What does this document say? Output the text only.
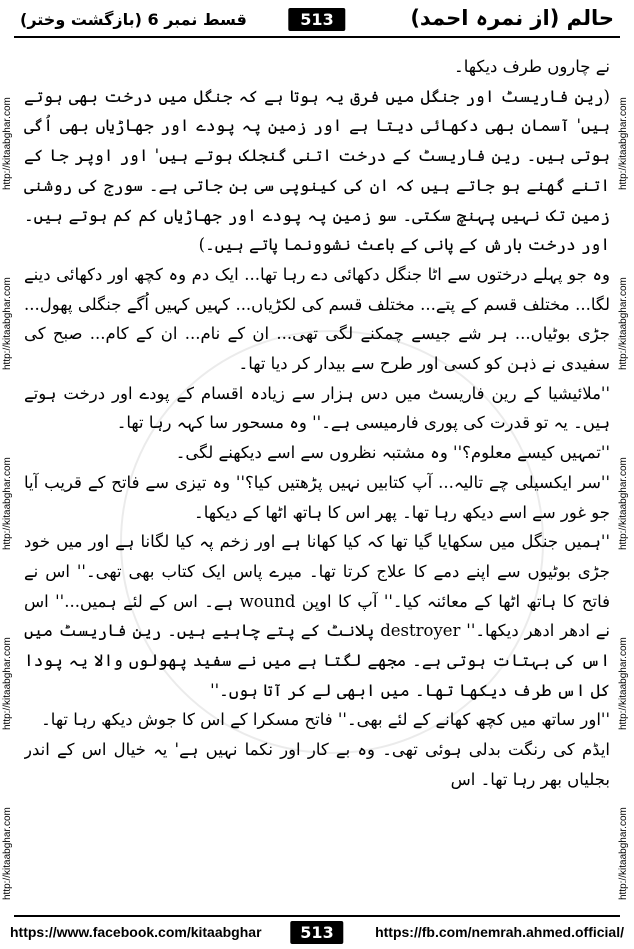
حالم (از نمرہ احمد)
513
قسط نمبر 6 (بازگشت وختر)
http://kitaabghar.com
http://kitaabghar.com
http://kitaabghar.com
http://kitaabghar.com
http://kitaabghar.com
http://kitaabghar.com
http://kitaabghar.com
http://kitaabghar.com
http://kitaabghar.com
http://kitaabghar.com

نے چاروں طرف دیکھا۔

(رین فاریسٹ اور جنگل میں فرق یہ ہوتا ہے کہ جنگل میں درخت بھی ہوتے ہیں' آسمان بھی دکھائی دیتا ہے اور زمین پہ پودے اور جھاڑیاں بھی اُگی ہوتی ہیں۔ رین فاریسٹ کے درخت اتنی گنجلک ہوتے ہیں' اور اوپر جا کے اتنے گھنے ہو جاتے ہیں کہ ان کی کینوپی سی بن جاتی ہے۔ سورج کی روشنی زمین تک نہیں پہنچ سکتی۔ سو زمین پہ پودے اور جھاڑیاں کم کم ہوتے ہیں۔ اور درخت بارش کے پانی کے باعث نشوونما پاتے ہیں۔)

وہ جو پہلے درختوں سے اٹا جنگل دکھائی دے رہا تھا... ایک دم وہ کچھ اور دکھائی دینے لگا... مختلف قسم کے پتے... مختلف قسم کی لکڑیاں... کہیں کہیں اُگے جنگلی پھول... جڑی بوٹیاں... ہر شے جیسے چمکنے لگی تھی... ان کے نام... ان کے کام... صبح کی سفیدی نے ذہن کو کسی اور طرح سے بیدار کر دیا تھا۔

''ملائیشیا کے رین فاریسٹ میں دس ہزار سے زیادہ اقسام کے پودے اور درخت ہوتے ہیں۔ یہ تو قدرت کی پوری فارمیسی ہے۔'' وہ مسحور سا کہہ رہا تھا۔

''تمہیں کیسے معلوم؟'' وہ مشتبہ نظروں سے اسے دیکھنے لگی۔

''سر ایکسیلی چے تالیہ... آپ کتابیں نہیں پڑھتیں کیا؟'' وہ تیزی سے فاتح کے قریب آیا جو غور سے اسے دیکھ رہا تھا۔ پھر اس کا ہاتھ اٹھا کے دیکھا۔

''ہمیں جنگل میں سکھایا گیا تھا کہ کیا کھانا ہے اور زخم پہ کیا لگانا ہے اور میں خود جڑی بوٹیوں سے اپنے دمے کا علاج کرتا تھا۔ میرے پاس ایک کتاب بھی تھی۔'' اس نے فاتح کا ہاتھ اٹھا کے معائنہ کیا۔'' آپ کا اوپن wound ہے۔ اس کے لئے ہمیں...'' اس نے ادھر ادھر دیکھا۔'' destroyer پلانٹ کے پتے چاہیے ہیں۔ رین فاریسٹ میں اس کی بہتات ہوتی ہے۔ مجھے لگتا ہے میں نے سفید پھولوں والا یہ پودا کل اس طرف دیکھا تھا۔ میں ابھی لے کر آتا ہوں۔''

''اور ساتھ میں کچھ کھانے کے لئے بھی۔'' فاتح مسکرا کے اس کا جوش دیکھ رہا تھا۔

ایڈم کی رنگت بدلی ہوئی تھی۔ وہ بے کار اور نکما نہیں ہے' یہ خیال اس کے اندر بجلیاں بھر رہا تھا۔ اس

https://www.facebook.com/kitaabghar	513	https://fb.com/nemrah.ahmed.official/
